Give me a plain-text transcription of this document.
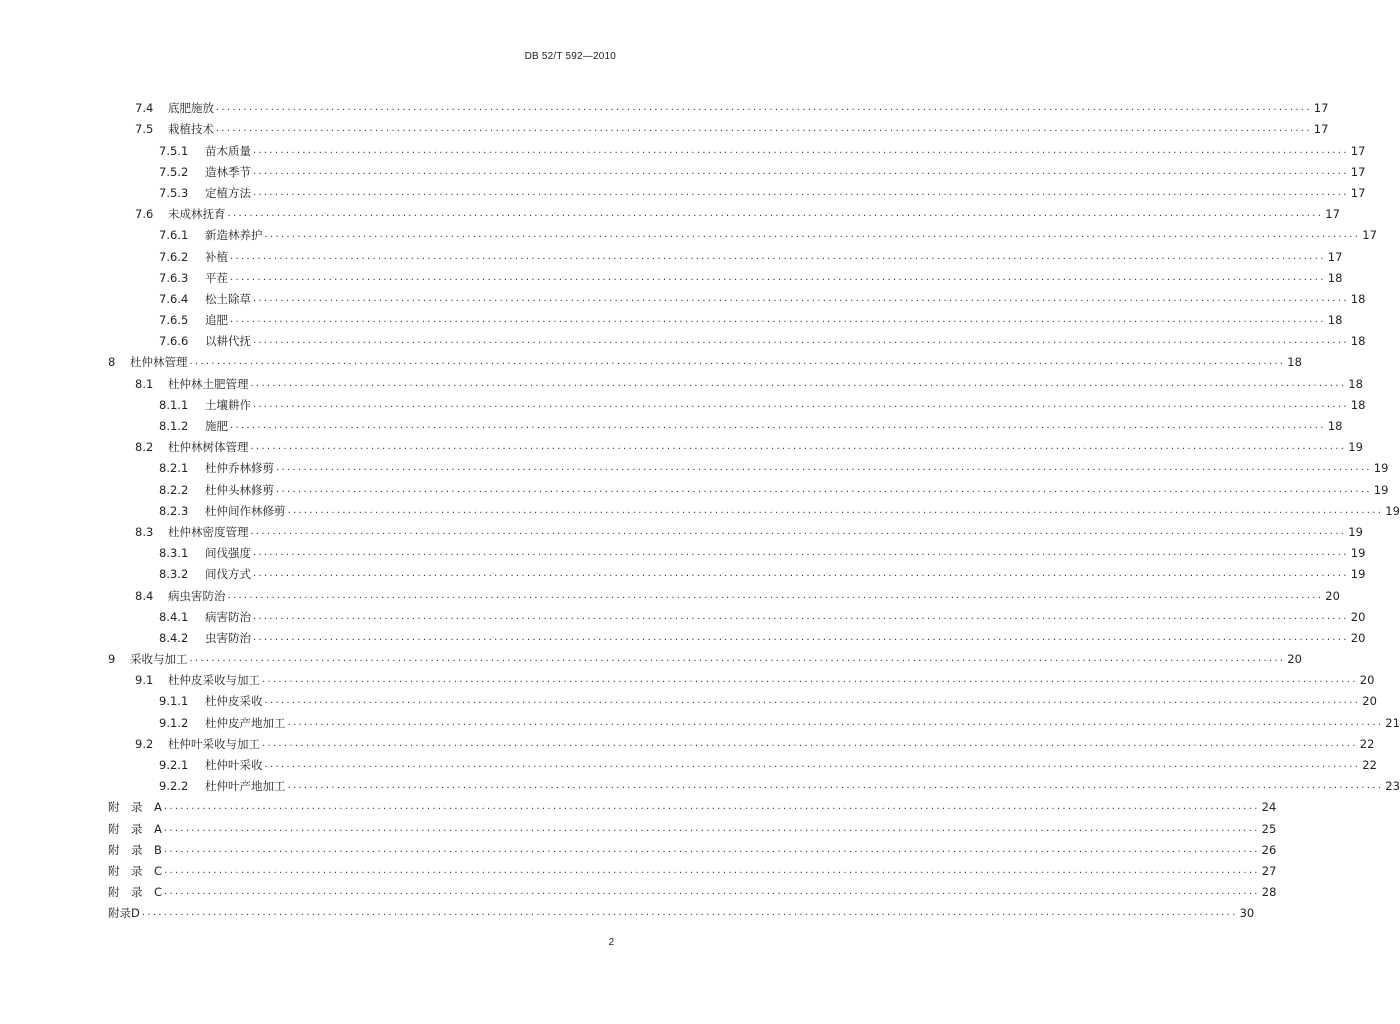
DB 52/T 592—2010
7.4	底肥施放 ........................................................................................................................................................................................................ 17
7.5	栽植技术 ........................................................................................................................................................................................................ 17
7.5.1	苗木质量 ........................................................................................................................................................................................................ 17
7.5.2	造林季节 ........................................................................................................................................................................................................ 17
7.5.3	定植方法 ........................................................................................................................................................................................................ 17
7.6	未成林抚育 ........................................................................................................................................................................................................ 17
7.6.1	新造林养护 ........................................................................................................................................................................................................ 17
7.6.2	补植 ........................................................................................................................................................................................................ 17
7.6.3	平茬 ........................................................................................................................................................................................................ 18
7.6.4	松土除草 ........................................................................................................................................................................................................ 18
7.6.5	追肥 ........................................................................................................................................................................................................ 18
7.6.6	以耕代抚 ........................................................................................................................................................................................................ 18
8	杜仲林管理 ........................................................................................................................................................................................................ 18
8.1	杜仲林土肥管理 ........................................................................................................................................................................................................ 18
8.1.1	土壤耕作 ........................................................................................................................................................................................................ 18
8.1.2	施肥 ........................................................................................................................................................................................................ 18
8.2	杜仲林树体管理 ........................................................................................................................................................................................................ 19
8.2.1	杜仲乔林修剪 ........................................................................................................................................................................................................ 19
8.2.2	杜仲头林修剪 ........................................................................................................................................................................................................ 19
8.2.3	杜仲间作林修剪 ........................................................................................................................................................................................................ 19
8.3	杜仲林密度管理 ........................................................................................................................................................................................................ 19
8.3.1	间伐强度 ........................................................................................................................................................................................................ 19
8.3.2	间伐方式 ........................................................................................................................................................................................................ 19
8.4	病虫害防治 ........................................................................................................................................................................................................ 20
8.4.1	病害防治 ........................................................................................................................................................................................................ 20
8.4.2	虫害防治 ........................................................................................................................................................................................................ 20
9	采收与加工 ........................................................................................................................................................................................................ 20
9.1	杜仲皮采收与加工 ........................................................................................................................................................................................................ 20
9.1.1	杜仲皮采收 ........................................................................................................................................................................................................ 20
9.1.2	杜仲皮产地加工 ........................................................................................................................................................................................................ 21
9.2	杜仲叶采收与加工 ........................................................................................................................................................................................................ 22
9.2.1	杜仲叶采收 ........................................................................................................................................................................................................ 22
9.2.2	杜仲叶产地加工 ........................................................................................................................................................................................................ 23
附　录　A ........................................................................................................................................................................................................ 24
附　录　A ........................................................................................................................................................................................................ 25
附　录　B ........................................................................................................................................................................................................ 26
附　录　C ........................................................................................................................................................................................................ 27
附　录　C ........................................................................................................................................................................................................ 28
附录D ........................................................................................................................................................................................................ 30
2
